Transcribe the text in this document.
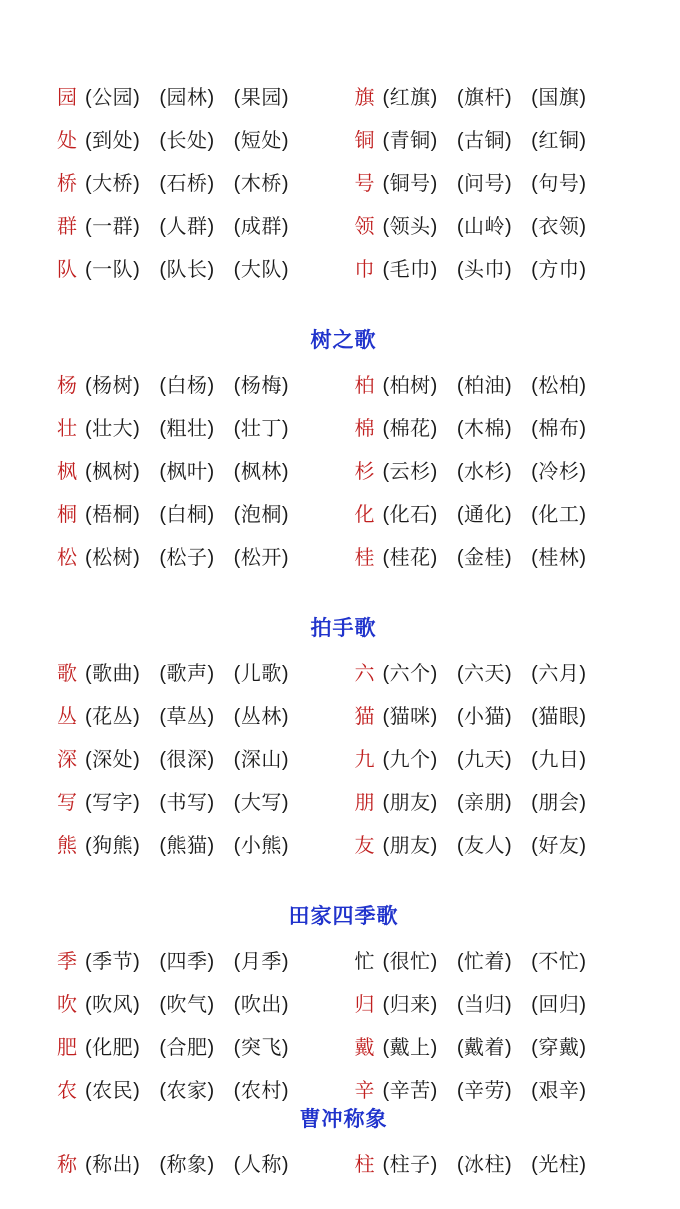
园 (公园) (园林) (果园)	旗 (红旗) (旗杆) (国旗)
处 (到处) (长处) (短处)	铜 (青铜) (古铜) (红铜)
桥 (大桥) (石桥) (木桥)	号 (铜号) (问号) (句号)
群 (一群) (人群) (成群)	领 (领头) (山岭) (衣领)
队 (一队) (队长) (大队)	巾 (毛巾) (头巾) (方巾)
树之歌
杨 (杨树) (白杨) (杨梅)	柏 (柏树) (柏油) (松柏)
壮 (壮大) (粗壮) (壮丁)	棉 (棉花) (木棉) (棉布)
枫 (枫树) (枫叶) (枫林)	杉 (云杉) (水杉) (冷杉)
桐 (梧桐) (白桐) (泡桐)	化 (化石) (通化) (化工)
松 (松树) (松子) (松开)	桂 (桂花) (金桂) (桂林)
拍手歌
歌 (歌曲) (歌声) (儿歌)	六 (六个) (六天) (六月)
丛 (花丛) (草丛) (丛林)	猫 (猫咪) (小猫) (猫眼)
深 (深处) (很深) (深山)	九 (九个) (九天) (九日)
写 (写字) (书写) (大写)	朋 (朋友) (亲朋) (朋会)
熊 (狗熊) (熊猫) (小熊)	友 (朋友) (友人) (好友)
田家四季歌
季 (季节) (四季) (月季)	忙 (很忙) (忙着) (不忙)
吹 (吹风) (吹气) (吹出)	归 (归来) (当归) (回归)
肥 (化肥) (合肥) (突飞)	戴 (戴上) (戴着) (穿戴)
农 (农民) (农家) (农村)	辛 (辛苦) (辛劳) (艰辛)
曹冲称象
称 (称出) (称象) (人称)	柱 (柱子) (冰柱) (光柱)
